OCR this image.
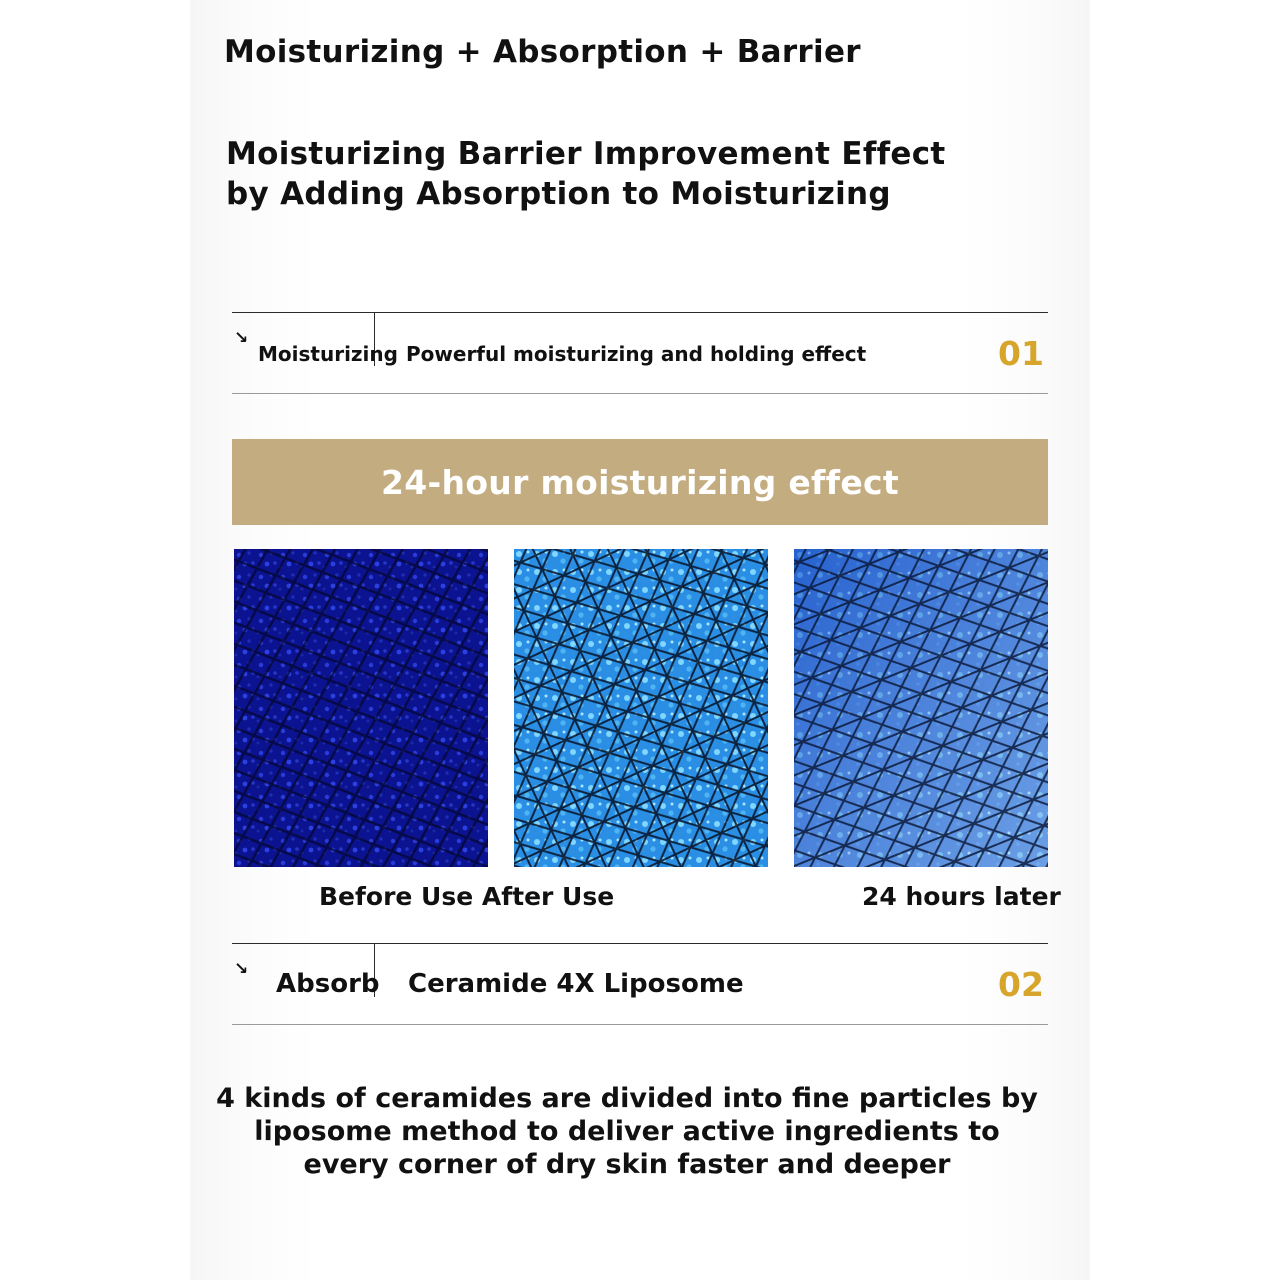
Moisturizing + Absorption + Barrier
Moisturizing Barrier Improvement Effect
by Adding Absorption to Moisturizing
↘
Moisturizing Powerful moisturizing and holding effect	01
24-hour moisturizing effect
Before Use After Use	24 hours later
↘ Absorb Ceramide 4X Liposome	02
4 kinds of ceramides are divided into fine particles by
liposome method to deliver active ingredients to
every corner of dry skin faster and deeper
